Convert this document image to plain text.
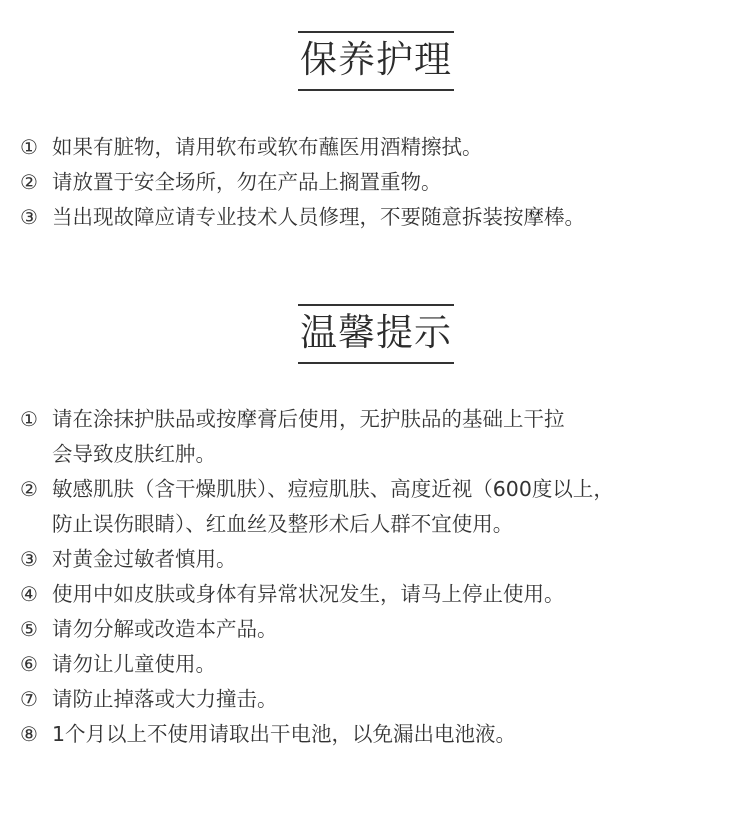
保养护理
① 如果有脏物，请用软布或软布蘸医用酒精擦拭。
② 请放置于安全场所，勿在产品上搁置重物。
③ 当出现故障应请专业技术人员修理，不要随意拆装按摩棒。
温馨提示
① 请在涂抹护肤品或按摩膏后使用，无护肤品的基础上干拉
会导致皮肤红肿。
② 敏感肌肤（含干燥肌肤）、痘痘肌肤、高度近视（600度以上，
防止误伤眼睛）、红血丝及整形术后人群不宜使用。
③ 对黄金过敏者慎用。
④ 使用中如皮肤或身体有异常状况发生，请马上停止使用。
⑤ 请勿分解或改造本产品。
⑥ 请勿让儿童使用。
⑦ 请防止掉落或大力撞击。
⑧ 1个月以上不使用请取出干电池，以免漏出电池液。
